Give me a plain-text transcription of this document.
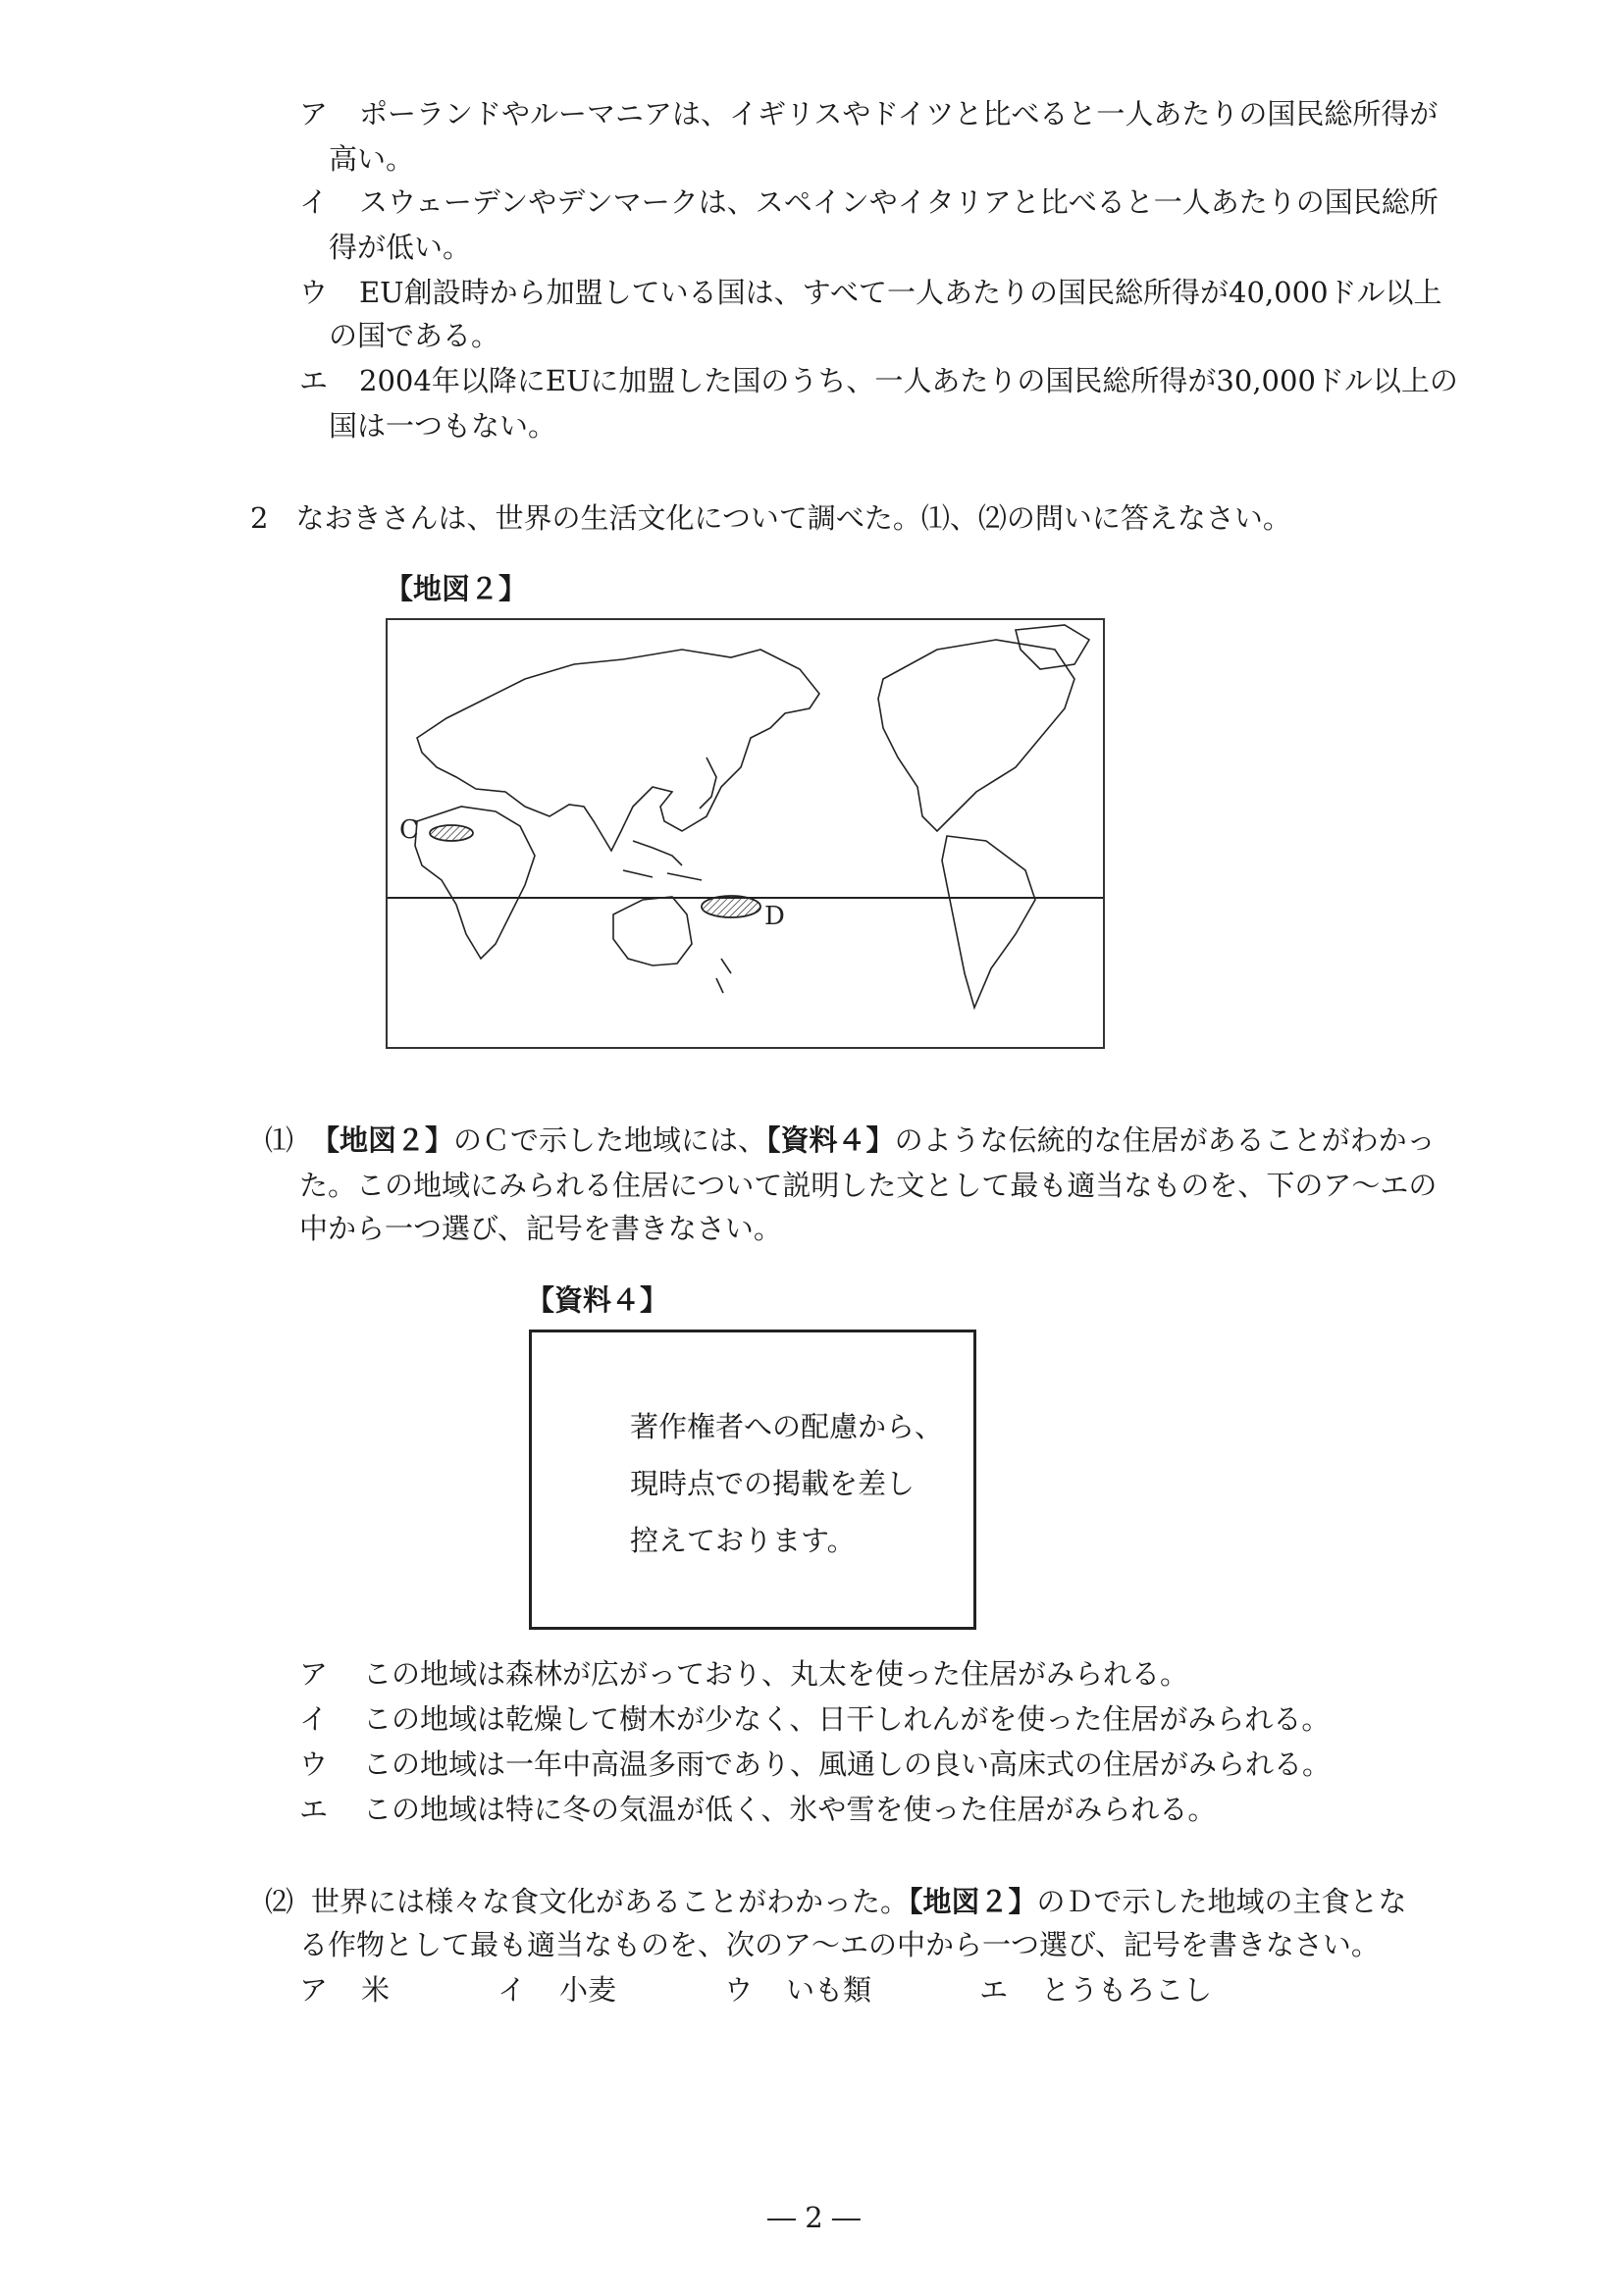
ア ポーランドやルーマニアは、イギリスやドイツと比べると一人あたりの国民総所得が
高い。
イ スウェーデンやデンマークは、スペインやイタリアと比べると一人あたりの国民総所
得が低い。
ウ EU創設時から加盟している国は、すべて一人あたりの国民総所得が40,000ドル以上
の国である。
エ 2004年以降にEUに加盟した国のうち、一人あたりの国民総所得が30,000ドル以上の
国は一つもない。
2 なおきさんは、世界の生活文化について調べた。⑴、⑵の問いに答えなさい。
【地図２】
C
D
⑴ 【地図２】のＣで示した地域には、【資料４】のような伝統的な住居があることがわかっ
た。この地域にみられる住居について説明した文として最も適当なものを、下のア～エの
中から一つ選び、記号を書きなさい。
【資料４】
著作権者への配慮から、
現時点での掲載を差し
控えております。
ア この地域は森林が広がっており、丸太を使った住居がみられる。
イ この地域は乾燥して樹木が少なく、日干しれんがを使った住居がみられる。
ウ この地域は一年中高温多雨であり、風通しの良い高床式の住居がみられる。
エ この地域は特に冬の気温が低く、氷や雪を使った住居がみられる。
⑵ 世界には様々な食文化があることがわかった。【地図２】のＤで示した地域の主食とな
る作物として最も適当なものを、次のア～エの中から一つ選び、記号を書きなさい。
ア 米	イ 小麦	ウ いも類	エ とうもろこし
― 2 ―
